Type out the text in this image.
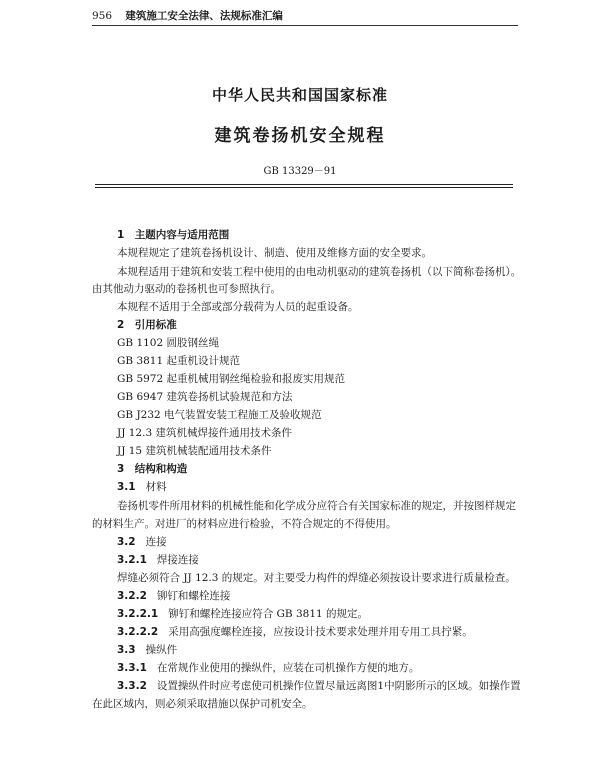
956 建筑施工安全法律、法规标准汇编
中华人民共和国国家标准
建筑卷扬机安全规程
GB 13329－91
1　主题内容与适用范围
本规程规定了建筑卷扬机设计、制造、使用及维修方面的安全要求。
本规程适用于建筑和安装工程中使用的由电动机驱动的建筑卷扬机（以下简称卷扬机）。
由其他动力驱动的卷扬机也可参照执行。
本规程不适用于全部或部分载荷为人员的起重设备。
2　引用标准
GB 1102 圆股钢丝绳
GB 3811 起重机设计规范
GB 5972 起重机械用钢丝绳检验和报废实用规范
GB 6947 建筑卷扬机试验规范和方法
GB J232 电气装置安装工程施工及验收规范
JJ 12.3 建筑机械焊接件通用技术条件
JJ 15 建筑机械装配通用技术条件
3　结构和构造
3.1 材料
卷扬机零件所用材料的机械性能和化学成分应符合有关国家标准的规定，并按图样规定
的材料生产。对进厂的材料应进行检验，不符合规定的不得使用。
3.2 连接
3.2.1 焊接连接
焊缝必须符合 JJ 12.3 的规定。对主要受力构件的焊缝必须按设计要求进行质量检查。
3.2.2 铆钉和螺栓连接
3.2.2.1 铆钉和螺栓连接应符合 GB 3811 的规定。
3.2.2.2 采用高强度螺栓连接，应按设计技术要求处理并用专用工具拧紧。
3.3 操纵件
3.3.1 在常规作业使用的操纵件，应装在司机操作方便的地方。
3.3.2 设置操纵件时应考虑使司机操作位置尽量远离图1中阴影所示的区域。如操作置
在此区域内，则必须采取措施以保护司机安全。
